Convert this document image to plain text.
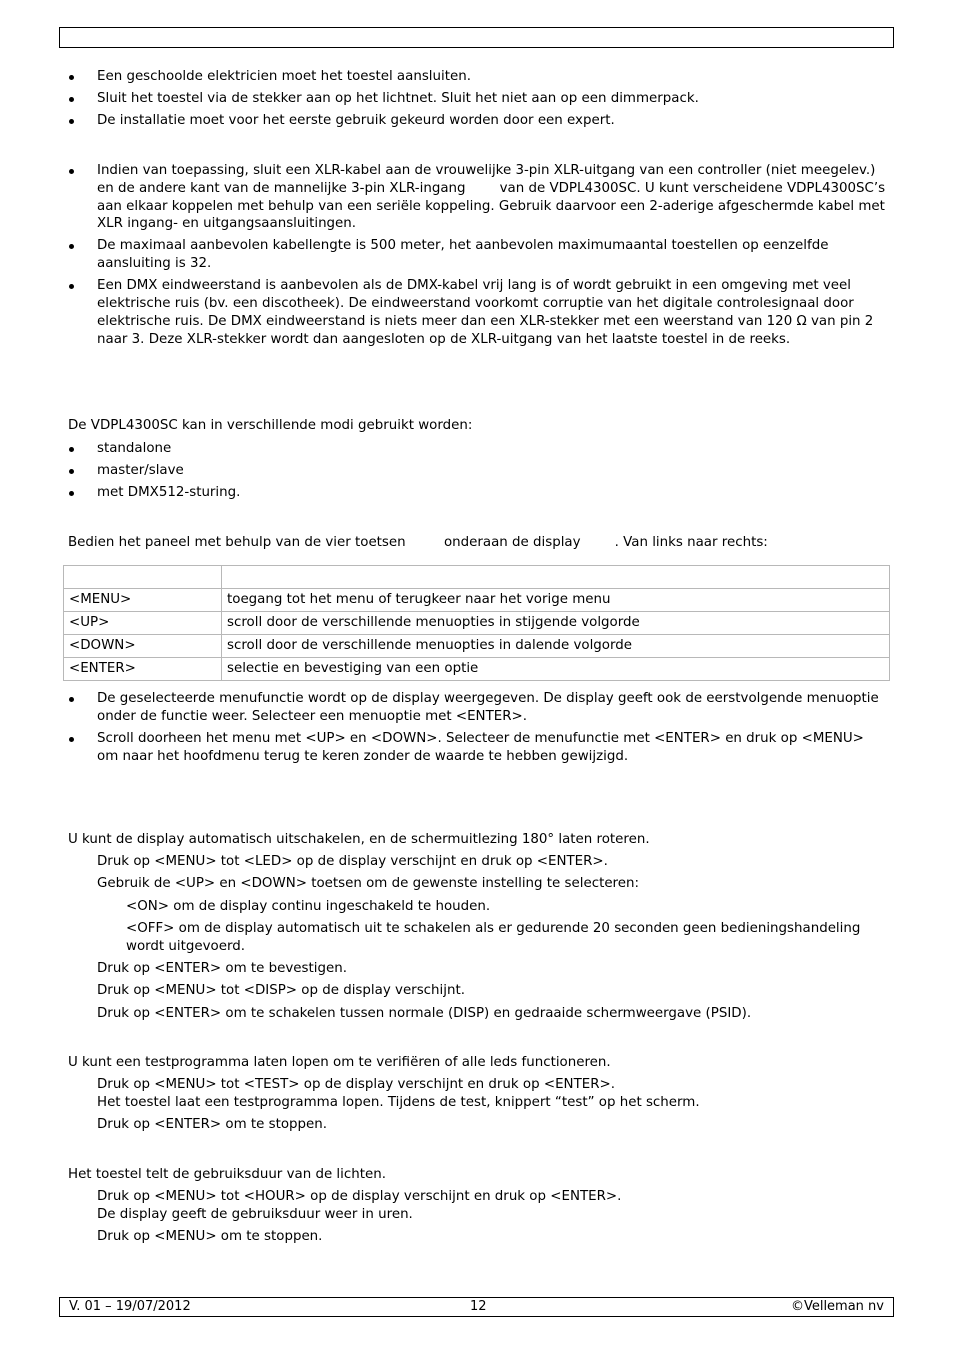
Een geschoolde elektricien moet het toestel aansluiten.
Sluit het toestel via de stekker aan op het lichtnet. Sluit het niet aan op een dimmerpack.
De installatie moet voor het eerste gebruik gekeurd worden door een expert.
Indien van toepassing, sluit een XLR-kabel aan de vrouwelijke 3-pin XLR-uitgang van een controller (niet meegelev.) en de andere kant van de mannelijke 3-pin XLR-ingang        van de VDPL4300SC. U kunt verscheidene VDPL4300SC’s aan elkaar koppelen met behulp van een seriële koppeling. Gebruik daarvoor een 2-aderige afgeschermde kabel met XLR ingang- en uitgangsaansluitingen.
De maximaal aanbevolen kabellengte is 500 meter, het aanbevolen maximumaantal toestellen op eenzelfde aansluiting is 32.
Een DMX eindweerstand is aanbevolen als de DMX-kabel vrij lang is of wordt gebruikt in een omgeving met veel elektrische ruis (bv. een discotheek). De eindweerstand voorkomt corruptie van het digitale controlesignaal door elektrische ruis. De DMX eindweerstand is niets meer dan een XLR-stekker met een weerstand van 120 Ω van pin 2 naar 3. Deze XLR-stekker wordt dan aangesloten op de XLR-uitgang van het laatste toestel in de reeks.
De VDPL4300SC kan in verschillende modi gebruikt worden:
standalone
master/slave
met DMX512-sturing.
Bedien het paneel met behulp van de vier toetsen         onderaan de display        . Van links naar rechts:

<MENU>	toegang tot het menu of terugkeer naar het vorige menu
<UP>	scroll door de verschillende menuopties in stijgende volgorde
<DOWN>	scroll door de verschillende menuopties in dalende volgorde
<ENTER>	selectie en bevestiging van een optie
De geselecteerde menufunctie wordt op de display weergegeven. De display geeft ook de eerstvolgende menuoptie onder de functie weer. Selecteer een menuoptie met <ENTER>.
Scroll doorheen het menu met <UP> en <DOWN>. Selecteer de menufunctie met <ENTER> en druk op <MENU> om naar het hoofdmenu terug te keren zonder de waarde te hebben gewijzigd.
U kunt de display automatisch uitschakelen, en de schermuitlezing 180° laten roteren.
Druk op <MENU> tot <LED> op de display verschijnt en druk op <ENTER>.
Gebruik de <UP> en <DOWN> toetsen om de gewenste instelling te selecteren:
<ON> om de display continu ingeschakeld te houden.
<OFF> om de display automatisch uit te schakelen als er gedurende 20 seconden geen bedieningshandeling wordt uitgevoerd.
Druk op <ENTER> om te bevestigen.
Druk op <MENU> tot <DISP> op de display verschijnt.
Druk op <ENTER> om te schakelen tussen normale (DISP) en gedraaide schermweergave (PSID).
U kunt een testprogramma laten lopen om te verifiëren of alle leds functioneren.
Druk op <MENU> tot <TEST> op de display verschijnt en druk op <ENTER>.
Het toestel laat een testprogramma lopen. Tijdens de test, knippert “test” op het scherm.
Druk op <ENTER> om te stoppen.
Het toestel telt de gebruiksduur van de lichten.
Druk op <MENU> tot <HOUR> op de display verschijnt en druk op <ENTER>.
De display geeft de gebruiksduur weer in uren.
Druk op <MENU> om te stoppen.
V. 01 – 19/07/2012	12	©Velleman nv
